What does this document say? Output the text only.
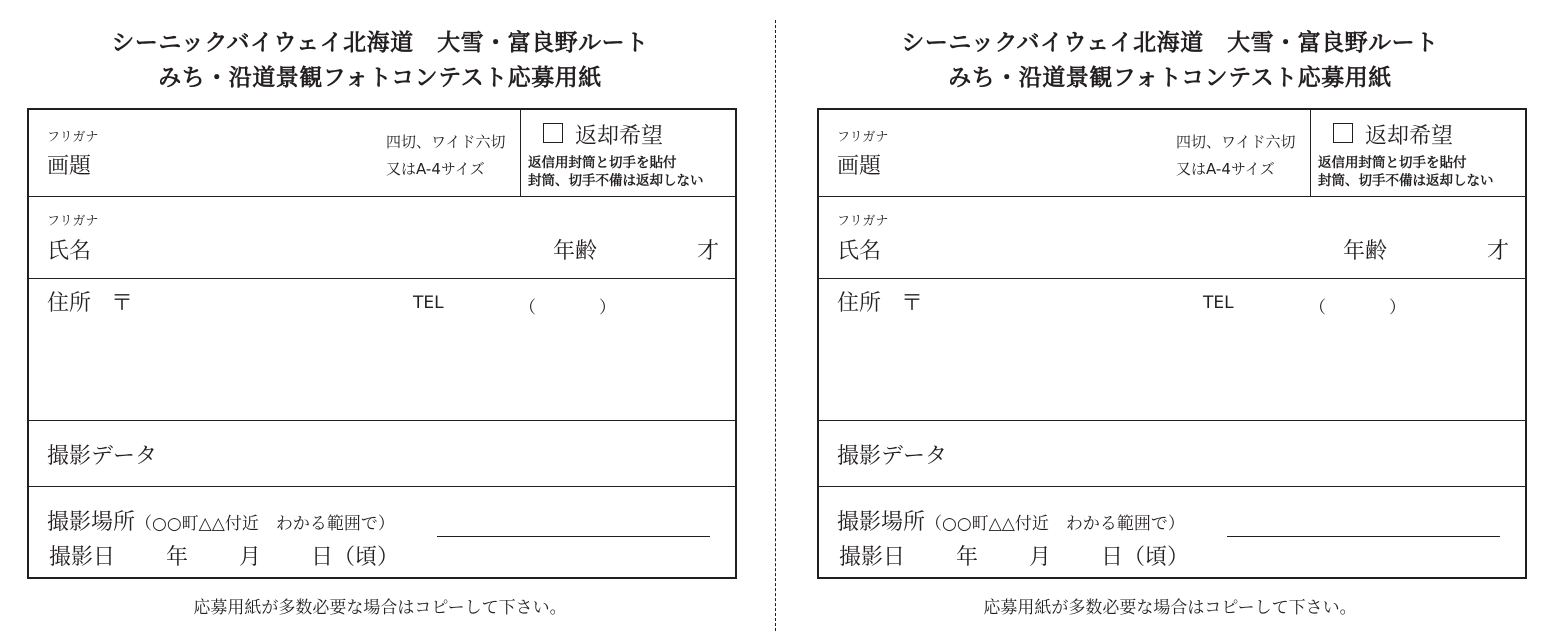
シーニックバイウェイ北海道　大雪・富良野ルート
みち・沿道景観フォトコンテスト応募用紙
フリガナ
画題
四切、ワイド六切
又はA-4サイズ
返却希望
返信用封筒と切手を貼付
封筒、切手不備は返却しない
フリガナ
氏名	年齢	才
住所 〒	TEL	（	）
撮影データ
撮影場所 （○○町△△付近　わかる範囲で）
撮影日 年 月 日（頃）
応募用紙が多数必要な場合はコピーして下さい。
シーニックバイウェイ北海道　大雪・富良野ルート
みち・沿道景観フォトコンテスト応募用紙
フリガナ
画題
四切、ワイド六切
又はA-4サイズ
返却希望
返信用封筒と切手を貼付
封筒、切手不備は返却しない
フリガナ
氏名	年齢	才
住所 〒	TEL	（	）
撮影データ
撮影場所 （○○町△△付近　わかる範囲で）
撮影日 年 月 日（頃）
応募用紙が多数必要な場合はコピーして下さい。
